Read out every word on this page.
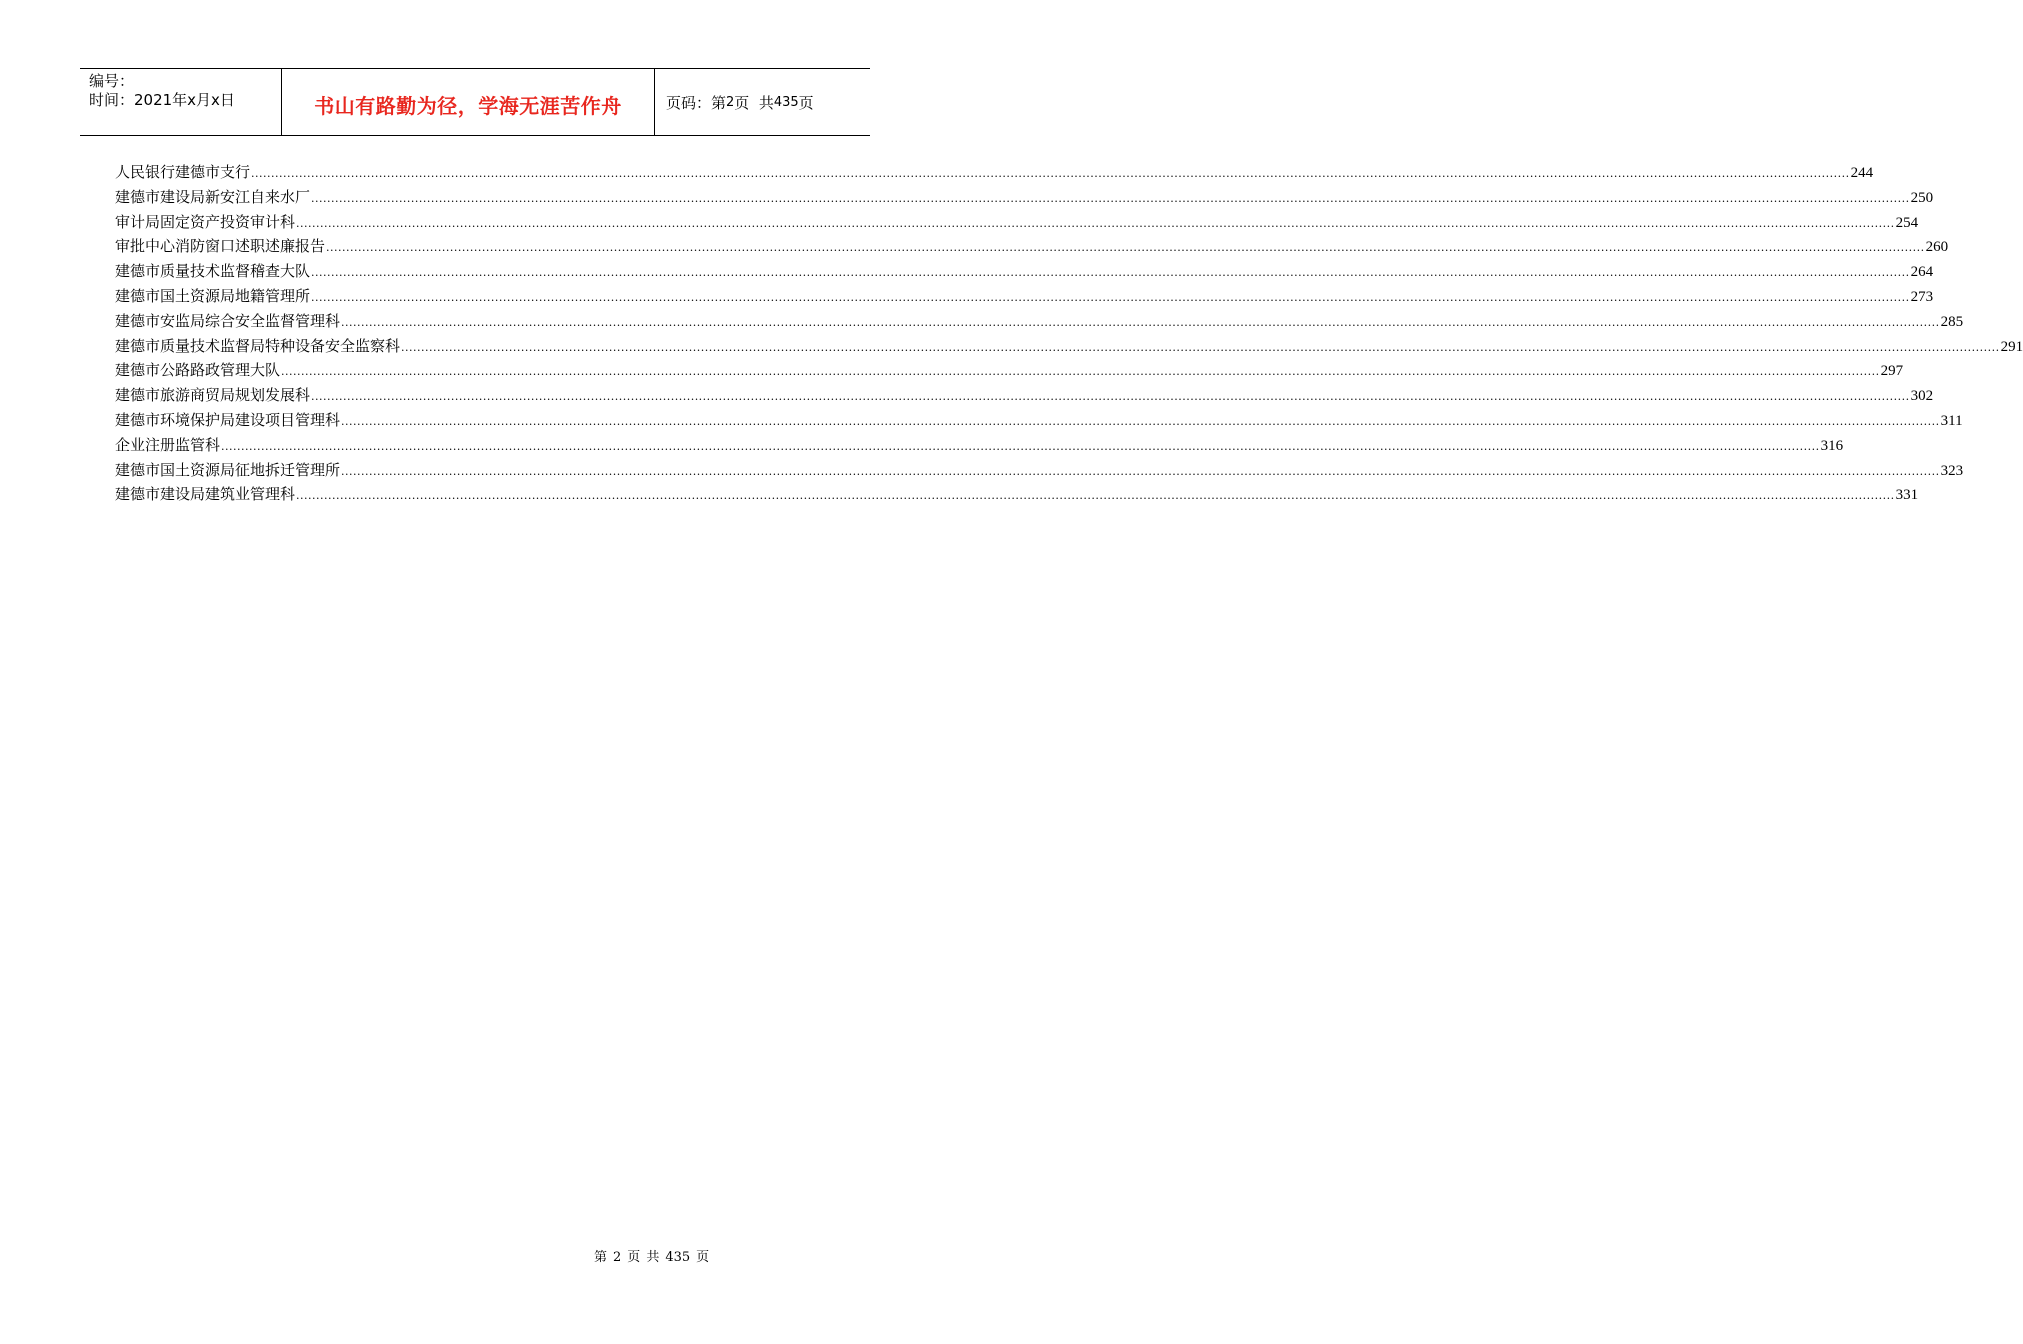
编号：
时间：2021年x月x日	书山有路勤为径，学海无涯苦作舟	页码：第 2 页  共 435 页
人民银行建德市支行 ................................................................................................................................................................................................................................................................................................................................................................................................................ 244
建德市建设局新安江自来水厂 ................................................................................................................................................................................................................................................................................................................................................................................................................ 250
审计局固定资产投资审计科 ................................................................................................................................................................................................................................................................................................................................................................................................................ 254
审批中心消防窗口述职述廉报告 ................................................................................................................................................................................................................................................................................................................................................................................................................ 260
建德市质量技术监督稽查大队 ................................................................................................................................................................................................................................................................................................................................................................................................................ 264
建德市国土资源局地籍管理所 ................................................................................................................................................................................................................................................................................................................................................................................................................ 273
建德市安监局综合安全监督管理科 ................................................................................................................................................................................................................................................................................................................................................................................................................ 285
建德市质量技术监督局特种设备安全监察科 ................................................................................................................................................................................................................................................................................................................................................................................................................ 291
建德市公路路政管理大队 ................................................................................................................................................................................................................................................................................................................................................................................................................ 297
建德市旅游商贸局规划发展科 ................................................................................................................................................................................................................................................................................................................................................................................................................ 302
建德市环境保护局建设项目管理科 ................................................................................................................................................................................................................................................................................................................................................................................................................ 311
企业注册监管科 ................................................................................................................................................................................................................................................................................................................................................................................................................ 316
建德市国土资源局征地拆迁管理所 ................................................................................................................................................................................................................................................................................................................................................................................................................ 323
建德市建设局建筑业管理科 ................................................................................................................................................................................................................................................................................................................................................................................................................ 331
第 2 页 共 435 页
